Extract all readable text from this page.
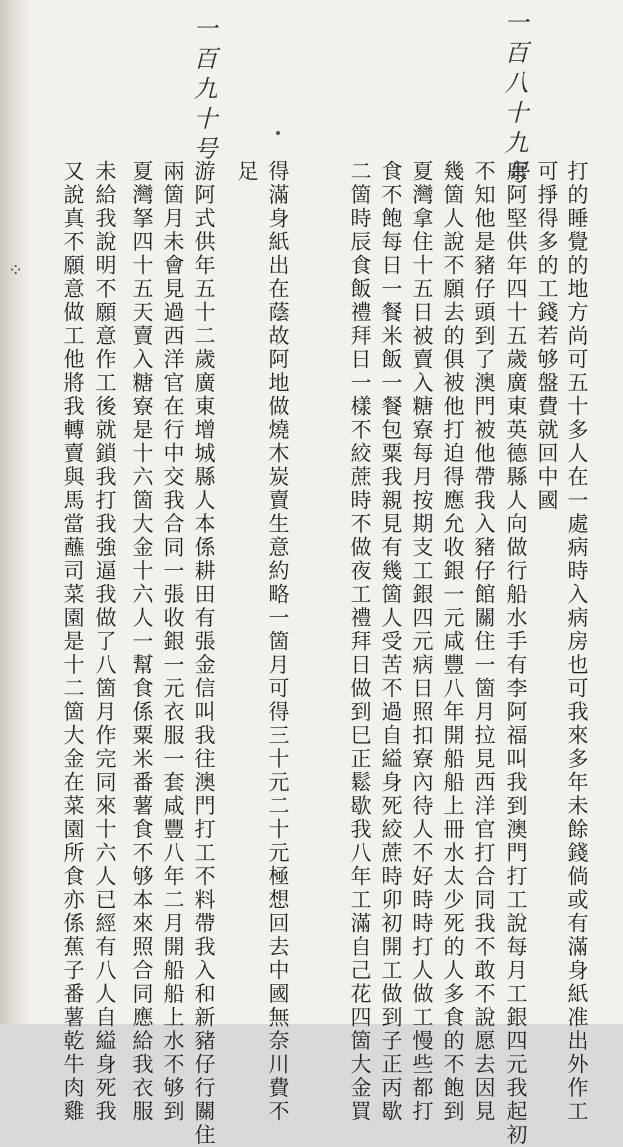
⁘
一百八十九号
一百九十号
打的睡覺的地方尚可五十多人在一處病時入病房也可我來多年未餘錢倘或有滿身紙准出外作工
可掙得多的工錢若够盤費就回中國
康阿堅供年四十五歲廣東英德縣人向做行船水手有李阿福叫我到澳門打工說每月工銀四元我起初
不知他是豬仔頭到了澳門被他帶我入豬仔館關住一箇月拉見西洋官打合同我不敢不說愿去因見
幾箇人說不願去的俱被他打迫得應允收銀一元咸豐八年開船船上冊水太少死的人多食的不飽到
夏灣拿住十五日被賣入糖寮每月按期支工銀四元病日照扣寮內待人不好時時打人做工慢些都打
食不飽每日一餐米飯一餐包粟我親見有幾箇人受苦不過自縊身死絞蔗時卯初開工做到子正丙歇
二箇時辰食飯禮拜日一樣不絞蔗時不做夜工禮拜日做到巳正鬆歇我八年工滿自己花四箇大金買
得滿身紙出在蔭故阿地做燒木炭賣生意約略一箇月可得三十元二十元極想回去中國無奈川費不
足
游阿式供年五十二歲廣東增城縣人本係耕田有張金信叫我往澳門打工不料帶我入和新豬仔行關住
兩箇月未會見過西洋官在行中交我合同一張收銀一元衣服一套咸豐八年二月開船船上水不够到
夏灣拏四十五天賣入糖寮是十六箇大金十六人一幫食係粟米番薯食不够本來照合同應給我衣服
未給我說明不願意作工後就鎖我打我強逼我做了八箇月作完同來十六人已經有八人自縊身死我
又說真不願意做工他將我轉賣與馬當蘸司菜園是十二箇大金在菜園所食亦係蕉子番薯乾牛肉雞
